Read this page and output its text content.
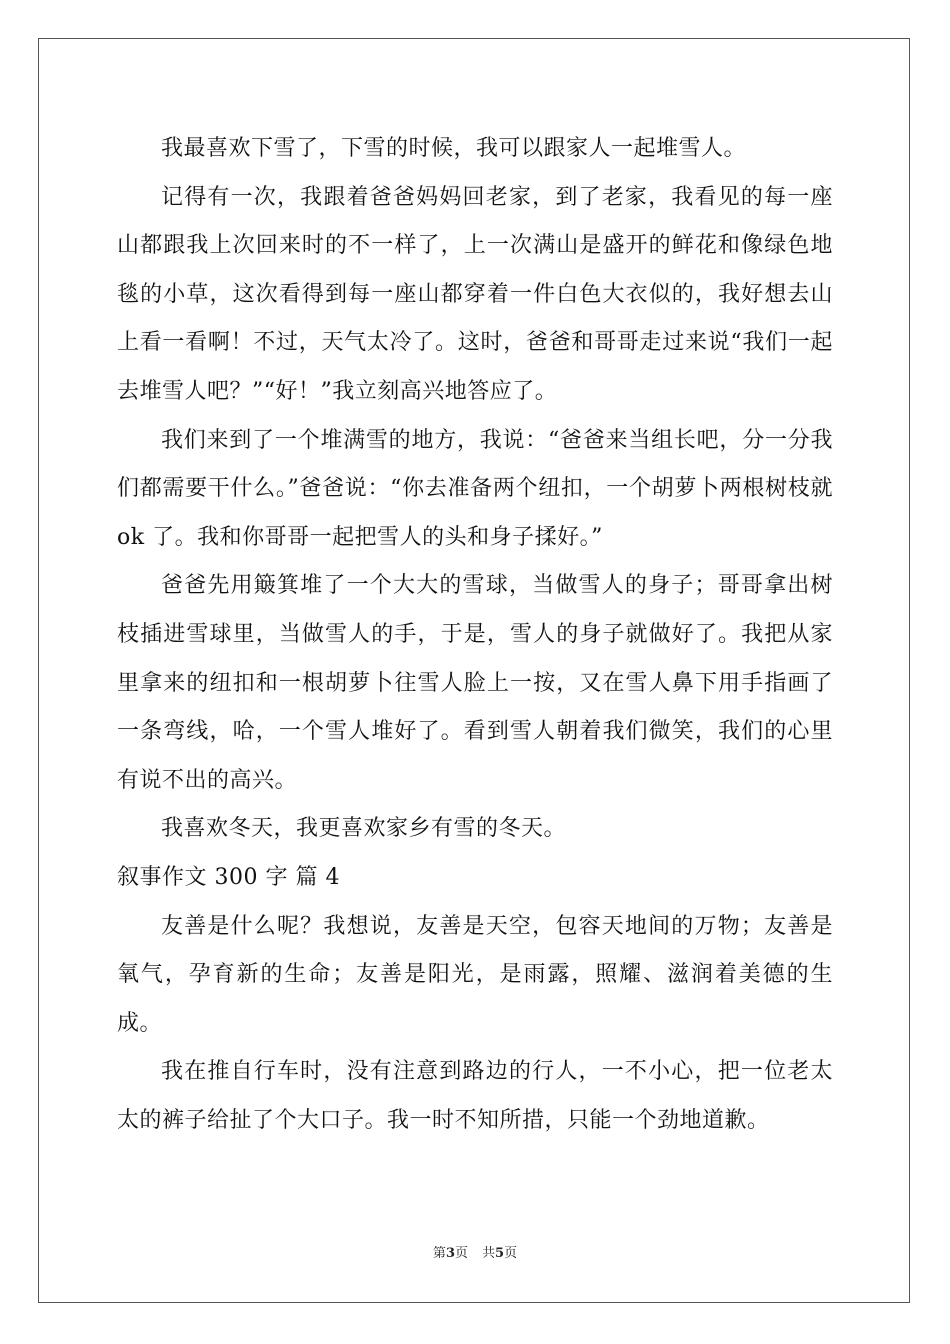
我最喜欢下雪了，下雪的时候，我可以跟家人一起堆雪人。

记得有一次，我跟着爸爸妈妈回老家，到了老家，我看见的每一座山都跟我上次回来时的不一样了，上一次满山是盛开的鲜花和像绿色地毯的小草，这次看得到每一座山都穿着一件白色大衣似的，我好想去山上看一看啊！不过，天气太冷了。这时，爸爸和哥哥走过来说“我们一起去堆雪人吧？”“好！”我立刻高兴地答应了。

我们来到了一个堆满雪的地方，我说：“爸爸来当组长吧，分一分我们都需要干什么。”爸爸说：“你去准备两个纽扣，一个胡萝卜两根树枝就 ok 了。我和你哥哥一起把雪人的头和身子揉好。”

爸爸先用簸箕堆了一个大大的雪球，当做雪人的身子；哥哥拿出树枝插进雪球里，当做雪人的手，于是，雪人的身子就做好了。我把从家里拿来的纽扣和一根胡萝卜往雪人脸上一按，又在雪人鼻下用手指画了一条弯线，哈，一个雪人堆好了。看到雪人朝着我们微笑，我们的心里有说不出的高兴。

我喜欢冬天，我更喜欢家乡有雪的冬天。

叙事作文 300 字 篇 4

友善是什么呢？我想说，友善是天空，包容天地间的万物；友善是氧气，孕育新的生命；友善是阳光，是雨露，照耀、滋润着美德的生成。

我在推自行车时，没有注意到路边的行人，一不小心，把一位老太太的裤子给扯了个大口子。我一时不知所措，只能一个劲地道歉。

第3页 共5页
